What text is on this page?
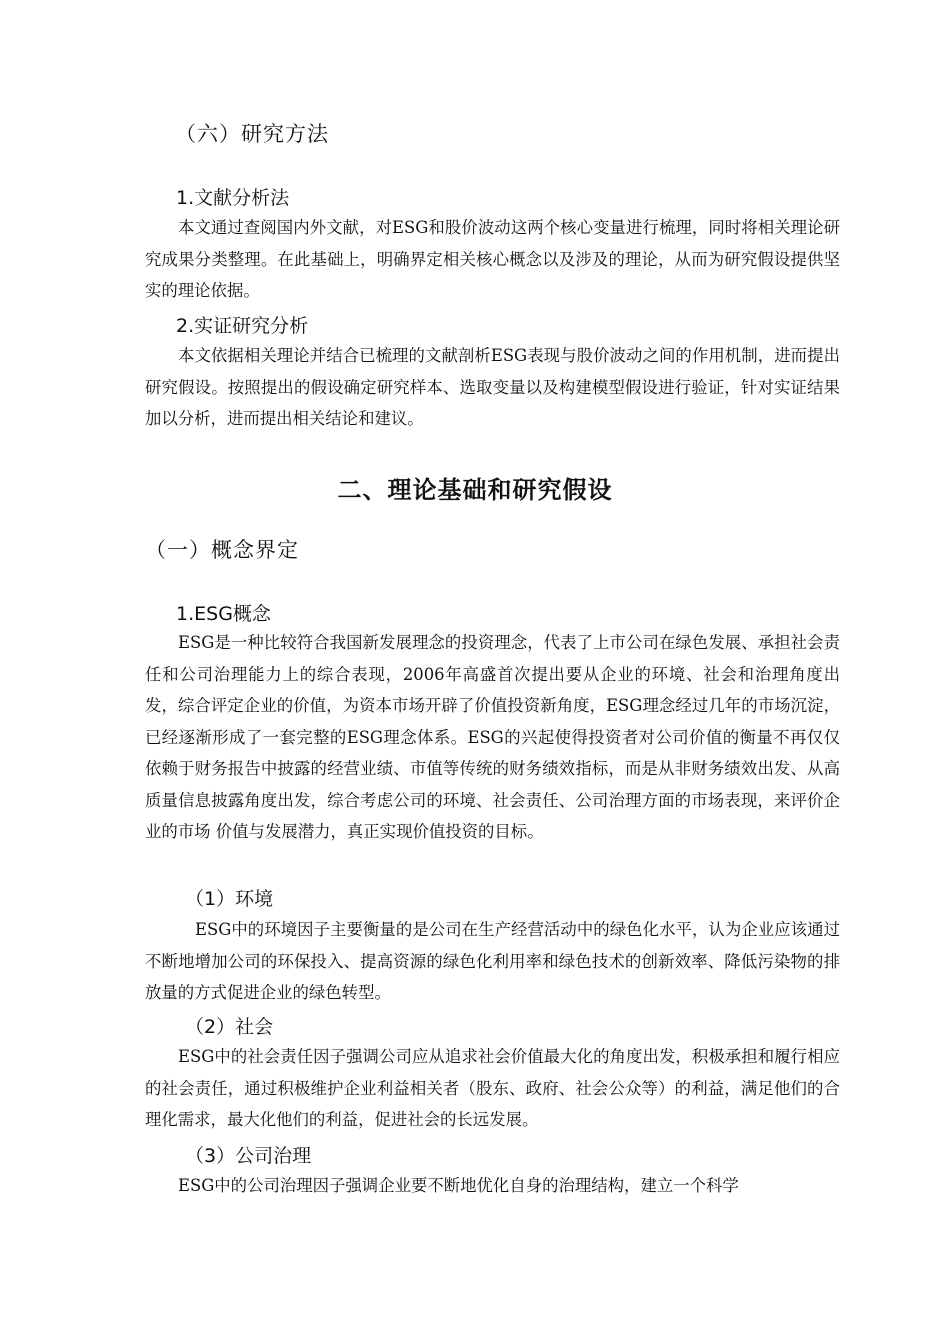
（六）研究方法
1.文献分析法
本文通过查阅国内外文献，对ESG和股价波动这两个核心变量进行梳理，同时将相关理论研究成果分类整理。在此基础上，明确界定相关核心概念以及涉及的理论，从而为研究假设提供坚实的理论依据。
2.实证研究分析
本文依据相关理论并结合已梳理的文献剖析ESG表现与股价波动之间的作用机制，进而提出研究假设。按照提出的假设确定研究样本、选取变量以及构建模型假设进行验证，针对实证结果加以分析，进而提出相关结论和建议。
二、理论基础和研究假设
（一）概念界定
1.ESG概念
ESG是一种比较符合我国新发展理念的投资理念，代表了上市公司在绿色发展、承担社会责任和公司治理能力上的综合表现，2006年高盛首次提出要从企业的环境、社会和治理角度出发，综合评定企业的价值，为资本市场开辟了价值投资新角度，ESG理念经过几年的市场沉淀，已经逐渐形成了一套完整的ESG理念体系。ESG的兴起使得投资者对公司价值的衡量不再仅仅依赖于财务报告中披露的经营业绩、市值等传统的财务绩效指标，而是从非财务绩效出发、从高质量信息披露角度出发，综合考虑公司的环境、社会责任、公司治理方面的市场表现，来评价企业的市场 价值与发展潜力，真正实现价值投资的目标。
（1）环境
ESG中的环境因子主要衡量的是公司在生产经营活动中的绿色化水平，认为企业应该通过不断地增加公司的环保投入、提高资源的绿色化利用率和绿色技术的创新效率、降低污染物的排放量的方式促进企业的绿色转型。
（2）社会
ESG中的社会责任因子强调公司应从追求社会价值最大化的角度出发，积极承担和履行相应的社会责任，通过积极维护企业利益相关者（股东、政府、社会公众等）的利益，满足他们的合理化需求，最大化他们的利益，促进社会的长远发展。
（3）公司治理
ESG中的公司治理因子强调企业要不断地优化自身的治理结构，建立一个科学
